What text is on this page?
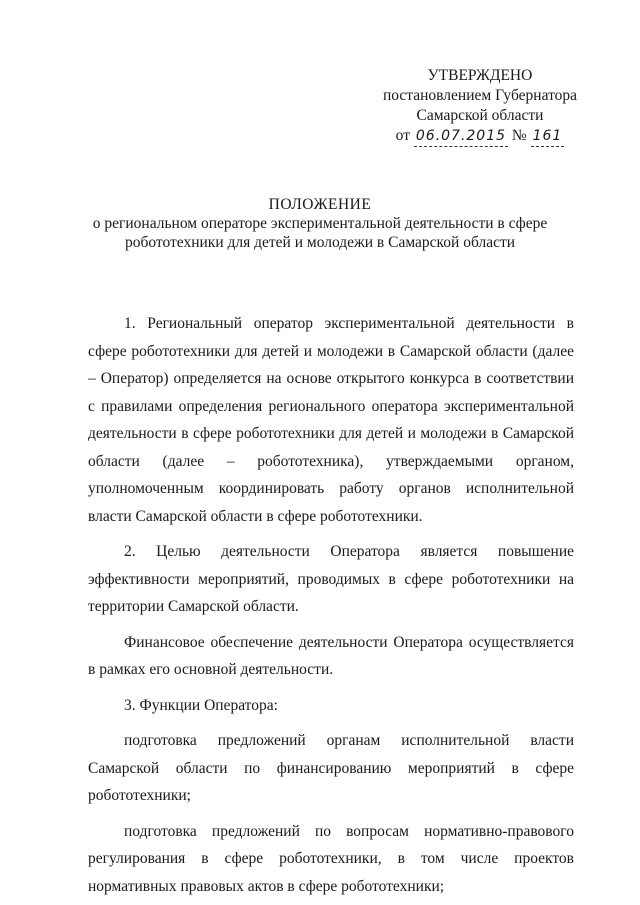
УТВЕРЖДЕНО
постановлением Губернатора
Самарской области
от 06.07.2015 № 161
ПОЛОЖЕНИЕ
о региональном операторе экспериментальной деятельности в сфере
робототехники для детей и молодежи в Самарской области

1. Региональный оператор экспериментальной деятельности в сфере робототехники для детей и молодежи в Самарской области (далее – Оператор) определяется на основе открытого конкурса в соответствии с правилами определения регионального оператора экспериментальной деятельности в сфере робототехники для детей и молодежи в Самарской области (далее – робототехника), утверждаемыми органом, уполномоченным координировать работу органов исполнительной власти Самарской области в сфере робототехники.

2. Целью деятельности Оператора является повышение эффективности мероприятий, проводимых в сфере робототехники на территории Самарской области.

Финансовое обеспечение деятельности Оператора осуществляется в рамках его основной деятельности.

3. Функции Оператора:

подготовка предложений органам исполнительной власти Самарской области по финансированию мероприятий в сфере робототехники;

подготовка предложений по вопросам нормативно-правового регулирования в сфере робототехники, в том числе проектов нормативных правовых актов в сфере робототехники;
